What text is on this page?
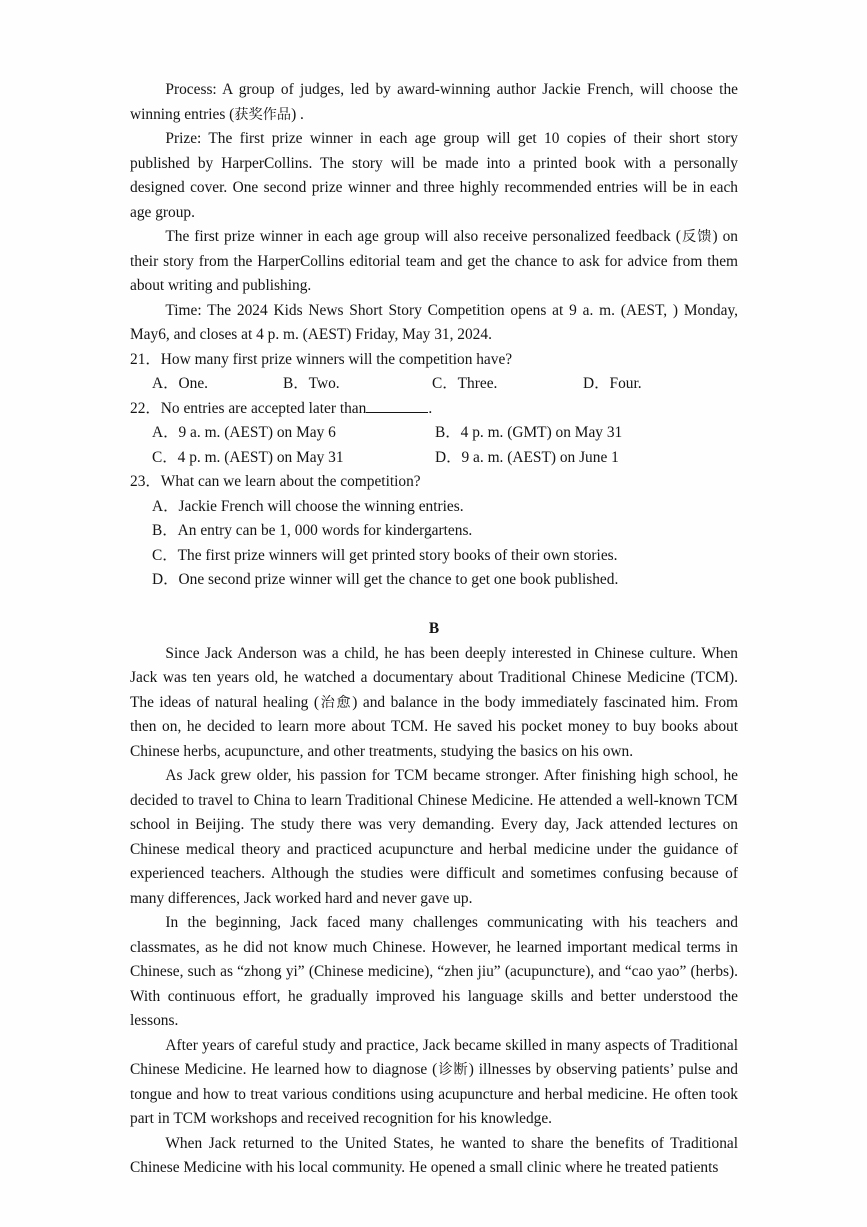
Process: A group of judges, led by award-winning author Jackie French, will choose the winning entries (获奖作品) .

Prize: The first prize winner in each age group will get 10 copies of their short story published by HarperCollins. The story will be made into a printed book with a personally designed cover. One second prize winner and three highly recommended entries will be in each age group.

The first prize winner in each age group will also receive personalized feedback (反馈) on their story from the HarperCollins editorial team and get the chance to ask for advice from them about writing and publishing.

Time: The 2024 Kids News Short Story Competition opens at 9 a. m. (AEST, ) Monday, May6, and closes at 4 p. m. (AEST) Friday, May 31, 2024.

21．How many first prize winners will the competition have?

A．One.	B．Two.	C．Three.	D．Four.

22．No entries are accepted later than	.

A．9 a. m. (AEST) on May 6	B．4 p. m. (GMT) on May 31
C．4 p. m. (AEST) on May 31	D．9 a. m. (AEST) on June 1

23．What can we learn about the competition?

A．Jackie French will choose the winning entries.
B．An entry can be 1, 000 words for kindergartens.
C．The first prize winners will get printed story books of their own stories.
D．One second prize winner will get the chance to get one book published.

B

Since Jack Anderson was a child, he has been deeply interested in Chinese culture. When Jack was ten years old, he watched a documentary about Traditional Chinese Medicine (TCM). The ideas of natural healing (治愈) and balance in the body immediately fascinated him. From then on, he decided to learn more about TCM. He saved his pocket money to buy books about Chinese herbs, acupuncture, and other treatments, studying the basics on his own.

As Jack grew older, his passion for TCM became stronger. After finishing high school, he decided to travel to China to learn Traditional Chinese Medicine. He attended a well-known TCM school in Beijing. The study there was very demanding. Every day, Jack attended lectures on Chinese medical theory and practiced acupuncture and herbal medicine under the guidance of experienced teachers. Although the studies were difficult and sometimes confusing because of many differences, Jack worked hard and never gave up.

In the beginning, Jack faced many challenges communicating with his teachers and classmates, as he did not know much Chinese. However, he learned important medical terms in Chinese, such as “zhong yi” (Chinese medicine), “zhen jiu” (acupuncture), and “cao yao” (herbs). With continuous effort, he gradually improved his language skills and better understood the lessons.

After years of careful study and practice, Jack became skilled in many aspects of Traditional Chinese Medicine. He learned how to diagnose (诊断) illnesses by observing patients’ pulse and tongue and how to treat various conditions using acupuncture and herbal medicine. He often took part in TCM workshops and received recognition for his knowledge.

When Jack returned to the United States, he wanted to share the benefits of Traditional Chinese Medicine with his local community. He opened a small clinic where he treated patients
